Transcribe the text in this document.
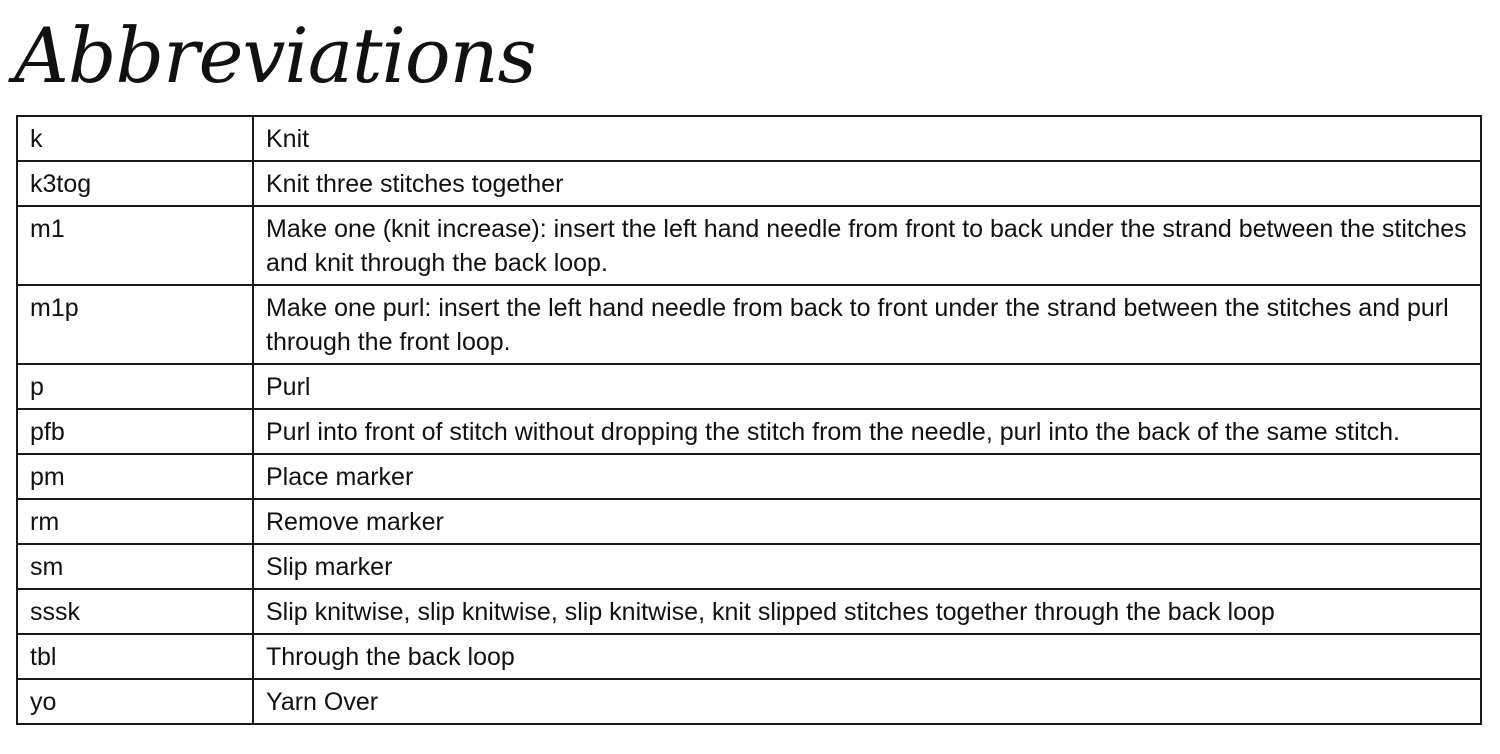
Abbreviations
k	Knit
k3tog	Knit three stitches together
m1	Make one (knit increase): insert the left hand needle from front to back under the strand between the stitches and knit through the back loop.
m1p	Make one purl: insert the left hand needle from back to front under the strand between the stitches and purl through the front loop.
p	Purl
pfb	Purl into front of stitch without dropping the stitch from the needle, purl into the back of the same stitch.
pm	Place marker
rm	Remove marker
sm	Slip marker
sssk	Slip knitwise, slip knitwise, slip knitwise, knit slipped stitches together through the back loop
tbl	Through the back loop
yo	Yarn Over
